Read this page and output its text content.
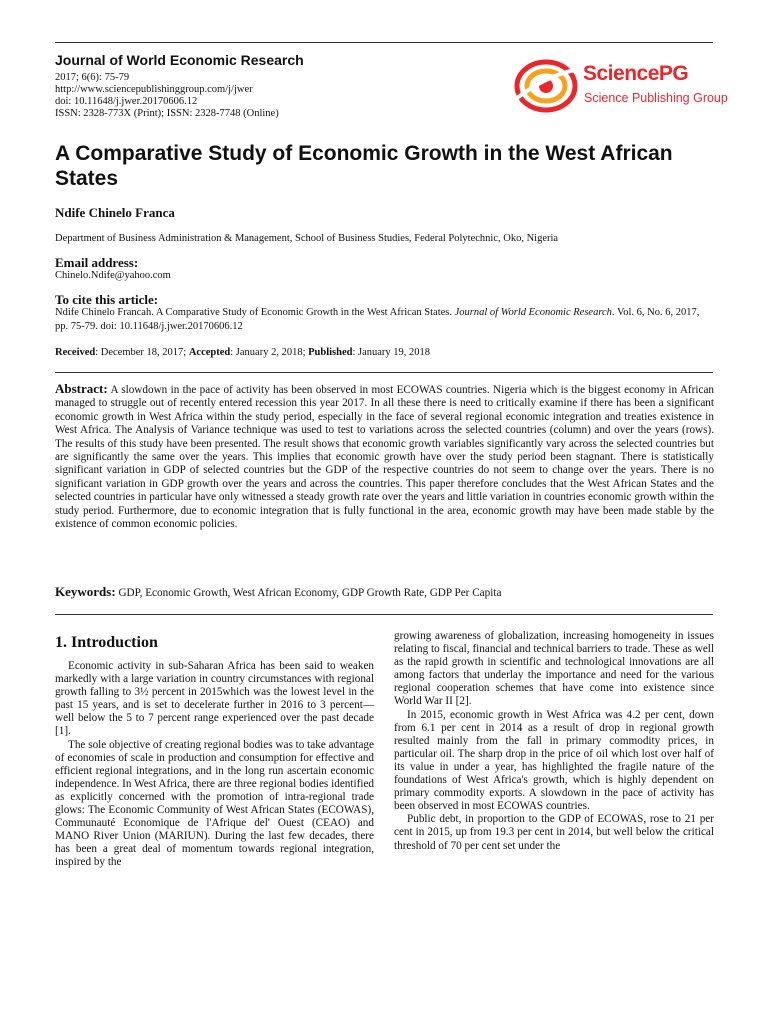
Journal of World Economic Research
2017; 6(6): 75-79
http://www.sciencepublishinggroup.com/j/jwer
doi: 10.11648/j.jwer.20170606.12
ISSN: 2328-773X (Print); ISSN: 2328-7748 (Online)
SciencePG
Science Publishing Group
A Comparative Study of Economic Growth in the West African States
Ndife Chinelo Franca
Department of Business Administration & Management, School of Business Studies, Federal Polytechnic, Oko, Nigeria
Email address:
Chinelo.Ndife@yahoo.com
To cite this article:
Ndife Chinelo Francah. A Comparative Study of Economic Growth in the West African States. Journal of World Economic Research. Vol. 6, No. 6, 2017, pp. 75-79. doi: 10.11648/j.jwer.20170606.12
Received: December 18, 2017; Accepted: January 2, 2018; Published: January 19, 2018
Abstract: A slowdown in the pace of activity has been observed in most ECOWAS countries. Nigeria which is the biggest economy in African managed to struggle out of recently entered recession this year 2017. In all these there is need to critically examine if there has been a significant economic growth in West Africa within the study period, especially in the face of several regional economic integration and treaties existence in West Africa. The Analysis of Variance technique was used to test to variations across the selected countries (column) and over the years (rows). The results of this study have been presented. The result shows that economic growth variables significantly vary across the selected countries but are significantly the same over the years. This implies that economic growth have over the study period been stagnant. There is statistically significant variation in GDP of selected countries but the GDP of the respective countries do not seem to change over the years. There is no significant variation in GDP growth over the years and across the countries. This paper therefore concludes that the West African States and the selected countries in particular have only witnessed a steady growth rate over the years and little variation in countries economic growth within the study period. Furthermore, due to economic integration that is fully functional in the area, economic growth may have been made stable by the existence of common economic policies.
Keywords: GDP, Economic Growth, West African Economy, GDP Growth Rate, GDP Per Capita
1. Introduction

Economic activity in sub-Saharan Africa has been said to weaken markedly with a large variation in country circumstances with regional growth falling to 3½ percent in 2015which was the lowest level in the past 15 years, and is set to decelerate further in 2016 to 3 percent—well below the 5 to 7 percent range experienced over the past decade [1].

The sole objective of creating regional bodies was to take advantage of economies of scale in production and consumption for effective and efficient regional integrations, and in the long run ascertain economic independence. In West Africa, there are three regional bodies identified as explicitly concerned with the promotion of intra-regional trade glows: The Economic Community of West African States (ECOWAS), Communauté Economique de l'Afrique del' Ouest (CEAO) and MANO River Union (MARIUN). During the last few decades, there has been a great deal of momentum towards regional integration, inspired by the

growing awareness of globalization, increasing homogeneity in issues relating to fiscal, financial and technical barriers to trade. These as well as the rapid growth in scientific and technological innovations are all among factors that underlay the importance and need for the various regional cooperation schemes that have come into existence since World War II [2].

In 2015, economic growth in West Africa was 4.2 per cent, down from 6.1 per cent in 2014 as a result of drop in regional growth resulted mainly from the fall in primary commodity prices, in particular oil. The sharp drop in the price of oil which lost over half of its value in under a year, has highlighted the fragile nature of the foundations of West Africa's growth, which is highly dependent on primary commodity exports. A slowdown in the pace of activity has been observed in most ECOWAS countries.

Public debt, in proportion to the GDP of ECOWAS, rose to 21 per cent in 2015, up from 19.3 per cent in 2014, but well below the critical threshold of 70 per cent set under the
